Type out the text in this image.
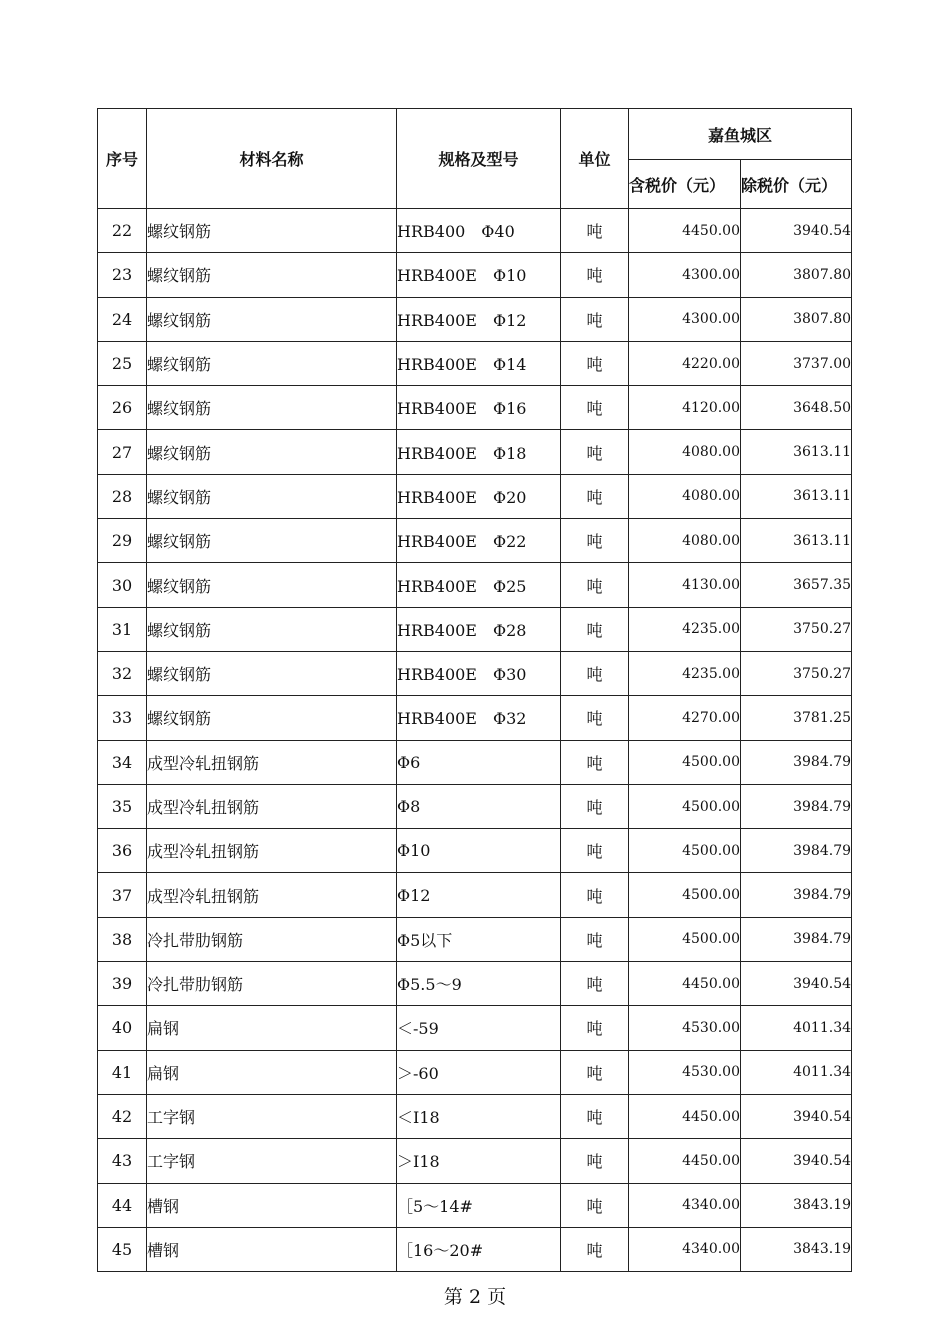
序号	材料名称	规格及型号	单位	嘉鱼城区	
				含税价（元）	除税价（元）
22	螺纹钢筋	HRB400　Φ40	吨	4450.00	3940.54
23	螺纹钢筋	HRB400E　Φ10	吨	4300.00	3807.80
24	螺纹钢筋	HRB400E　Φ12	吨	4300.00	3807.80
25	螺纹钢筋	HRB400E　Φ14	吨	4220.00	3737.00
26	螺纹钢筋	HRB400E　Φ16	吨	4120.00	3648.50
27	螺纹钢筋	HRB400E　Φ18	吨	4080.00	3613.11
28	螺纹钢筋	HRB400E　Φ20	吨	4080.00	3613.11
29	螺纹钢筋	HRB400E　Φ22	吨	4080.00	3613.11
30	螺纹钢筋	HRB400E　Φ25	吨	4130.00	3657.35
31	螺纹钢筋	HRB400E　Φ28	吨	4235.00	3750.27
32	螺纹钢筋	HRB400E　Φ30	吨	4235.00	3750.27
33	螺纹钢筋	HRB400E　Φ32	吨	4270.00	3781.25
34	成型冷轧扭钢筋	Φ6	吨	4500.00	3984.79
35	成型冷轧扭钢筋	Φ8	吨	4500.00	3984.79
36	成型冷轧扭钢筋	Φ10	吨	4500.00	3984.79
37	成型冷轧扭钢筋	Φ12	吨	4500.00	3984.79
38	冷扎带肋钢筋	Φ5以下	吨	4500.00	3984.79
39	冷扎带肋钢筋	Φ5.5～9	吨	4450.00	3940.54
40	扁钢	＜-59	吨	4530.00	4011.34
41	扁钢	＞-60	吨	4530.00	4011.34
42	工字钢	＜Ⅰ18	吨	4450.00	3940.54
43	工字钢	＞Ⅰ18	吨	4450.00	3940.54
44	槽钢	［5～14#	吨	4340.00	3843.19
45	槽钢	［16～20#	吨	4340.00	3843.19
第 2 页
